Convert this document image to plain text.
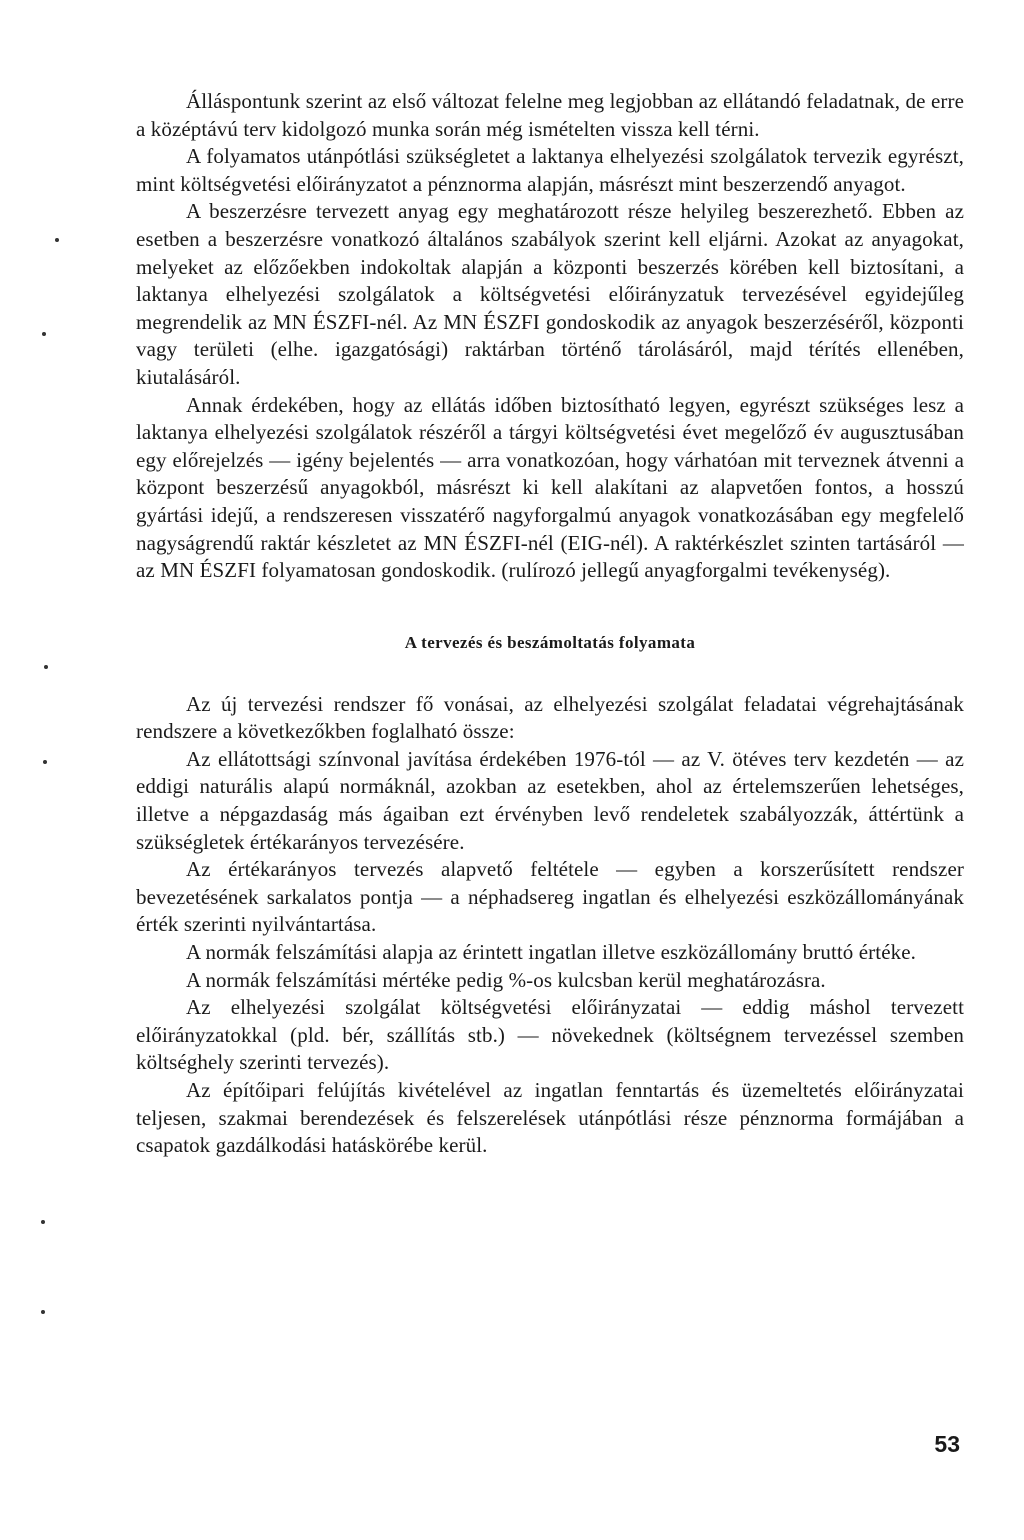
Álláspontunk szerint az első változat felelne meg legjobban az ellátandó feladatnak, de erre a középtávú terv kidolgozó munka során még ismételten vissza kell térni.

A folyamatos utánpótlási szükségletet a laktanya elhelyezési szolgálatok tervezik egyrészt, mint költségvetési előirányzatot a pénznorma alapján, másrészt mint beszerzendő anyagot.

A beszerzésre tervezett anyag egy meghatározott része helyileg beszerezhető. Ebben az esetben a beszerzésre vonatkozó általános szabályok szerint kell eljárni. Azokat az anyagokat, melyeket az előzőekben indokoltak alapján a központi beszerzés körében kell biztosítani, a laktanya elhelyezési szolgálatok a költségvetési előirányzatuk tervezésével egyidejűleg megrendelik az MN ÉSZFI-nél. Az MN ÉSZFI gondoskodik az anyagok beszerzéséről, központi vagy területi (elhe. igazgatósági) raktárban történő tárolásáról, majd térítés ellenében, kiutalásáról.

Annak érdekében, hogy az ellátás időben biztosítható legyen, egyrészt szükséges lesz a laktanya elhelyezési szolgálatok részéről a tárgyi költségvetési évet megelőző év augusztusában egy előrejelzés — igény bejelentés — arra vonatkozóan, hogy várhatóan mit terveznek átvenni a központ beszerzésű anyagokból, másrészt ki kell alakítani az alapvetően fontos, a hosszú gyártási idejű, a rendszeresen visszatérő nagyforgalmú anyagok vonatkozásában egy megfelelő nagyságrendű raktár készletet az MN ÉSZFI-nél (EIG-nél). A raktérkészlet szinten tartásáról — az MN ÉSZFI folyamatosan gondoskodik. (rulírozó jellegű anyagforgalmi tevékenység).

A tervezés és beszámoltatás folyamata

Az új tervezési rendszer fő vonásai, az elhelyezési szolgálat feladatai végrehajtásának rendszere a következőkben foglalható össze:

Az ellátottsági színvonal javítása érdekében 1976-tól — az V. ötéves terv kezdetén — az eddigi naturális alapú normáknál, azokban az esetekben, ahol az értelemszerűen lehetséges, illetve a népgazdaság más ágaiban ezt érvényben levő rendeletek szabályozzák, áttértünk a szükségletek értékarányos tervezésére.

Az értékarányos tervezés alapvető feltétele — egyben a korszerűsített rendszer bevezetésének sarkalatos pontja — a néphadsereg ingatlan és elhelyezési eszközállományának érték szerinti nyilvántartása.

A normák felszámítási alapja az érintett ingatlan illetve eszközállomány bruttó értéke.

A normák felszámítási mértéke pedig %-os kulcsban kerül meghatározásra.

Az elhelyezési szolgálat költségvetési előirányzatai — eddig máshol tervezett előirányzatokkal (pld. bér, szállítás stb.) — növekednek (költségnem tervezéssel szemben költséghely szerinti tervezés).

Az építőipari felújítás kivételével az ingatlan fenntartás és üzemeltetés előirányzatai teljesen, szakmai berendezések és felszerelések utánpótlási része pénznorma formájában a csapatok gazdálkodási hatáskörébe kerül.

53
